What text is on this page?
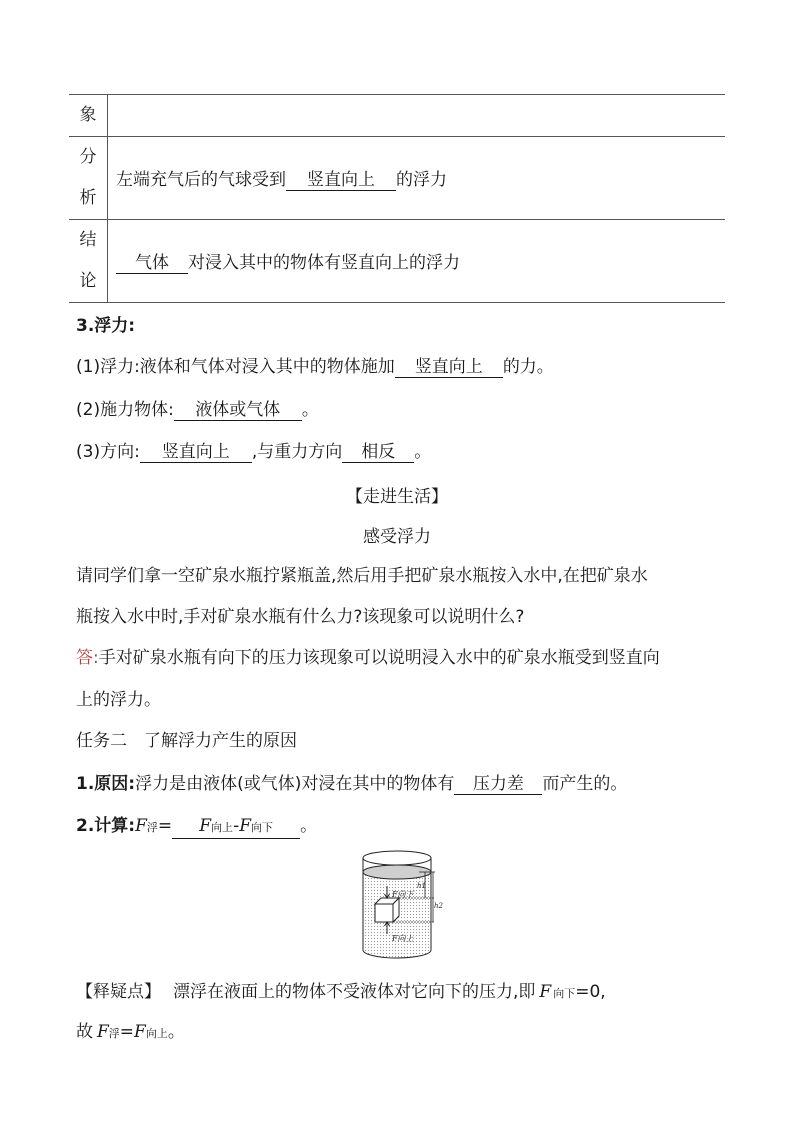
象	

分
析	左端充气后的气球受到 竖直向上 的浮力

结
论	气体 对浸入其中的物体有竖直向上的浮力
3.浮力:
(1)浮力:液体和气体对浸入其中的物体施加 竖直向上 的力。
(2)施力物体: 液体或气体 。
(3)方向: 竖直向上 ,与重力方向 相反 。
【走进生活】
感受浮力
请同学们拿一空矿泉水瓶拧紧瓶盖,然后用手把矿泉水瓶按入水中,在把矿泉水
瓶按入水中时,手对矿泉水瓶有什么力?该现象可以说明什么?
答:手对矿泉水瓶有向下的压力该现象可以说明浸入水中的矿泉水瓶受到竖直向
上的浮力。
任务二　了解浮力产生的原因
1.原因:浮力是由液体(或气体)对浸在其中的物体有 压力差 而产生的。
2.计算:F浮= F向上-F向下 。
F向下
F向上
h1
h2
【释疑点】 漂浮在液面上的物体不受液体对它向下的压力,即 F 向下=0,
故 F浮=F向上。
